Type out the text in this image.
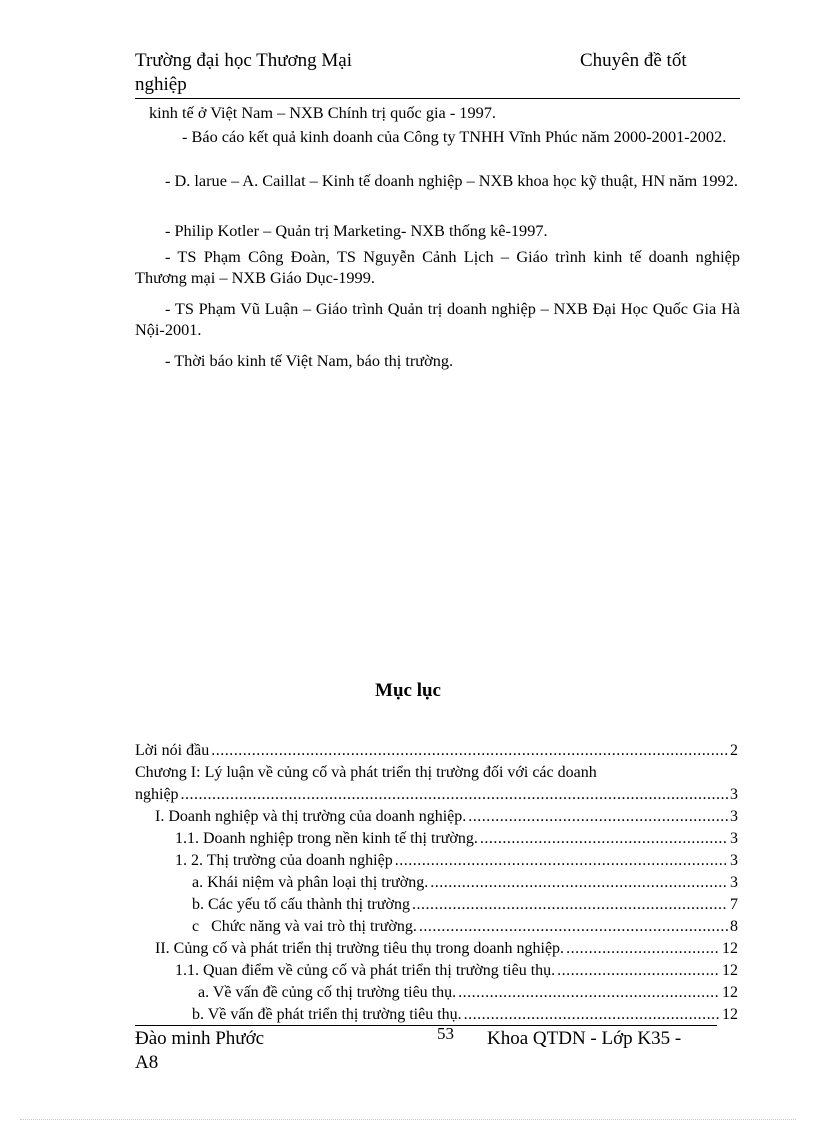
Trường đại học Thương Mại	Chuyên đề tốt
nghiệp
kinh tế ở Việt Nam – NXB Chính trị quốc gia - 1997.
- Báo cáo kết quả kinh doanh của Công ty TNHH Vĩnh Phúc năm 2000-2001-2002.
- D. larue – A. Caillat – Kinh tế doanh nghiệp – NXB khoa học kỹ thuật, HN năm 1992.
- Philip Kotler – Quản trị Marketing- NXB thống kê-1997.
- TS Phạm Công Đoàn, TS Nguyễn Cảnh Lịch – Giáo trình kinh tế doanh nghiệp Thương mại – NXB Giáo Dục-1999.
- TS Phạm Vũ Luận – Giáo trình Quản trị doanh nghiệp – NXB Đại Học Quốc Gia Hà Nội-2001.
- Thời báo kinh tế Việt Nam, báo thị trường.
Mục lục
Lời nói đầu .....	2
Chương I: Lý luận về củng cố và phát triển thị trường đối với các doanh
nghiệp .....	3
I. Doanh nghiệp và thị trường của doanh nghiệp. .....	3
1.1. Doanh nghiệp trong nền kinh tế thị trường. .....	3
1. 2. Thị trường của doanh nghiệp .....	3
a. Khái niệm và phân loại thị trường. .....	3
b. Các yếu tố cấu thành thị trường .....	7
c   Chức năng và vai trò thị trường. .....	8
II. Củng cố và phát triển thị trường tiêu thụ trong doanh nghiệp. .....	12
1.1. Quan điểm về củng cố và phát triển thị trường tiêu thụ. .....	12
a. Về vấn đề củng cố thị trường tiêu thụ. .....	12
b. Về vấn đề phát triển thị trường tiêu thụ. .....	12
Đào minh Phước	53 Khoa QTDN - Lớp K35 -
A8
